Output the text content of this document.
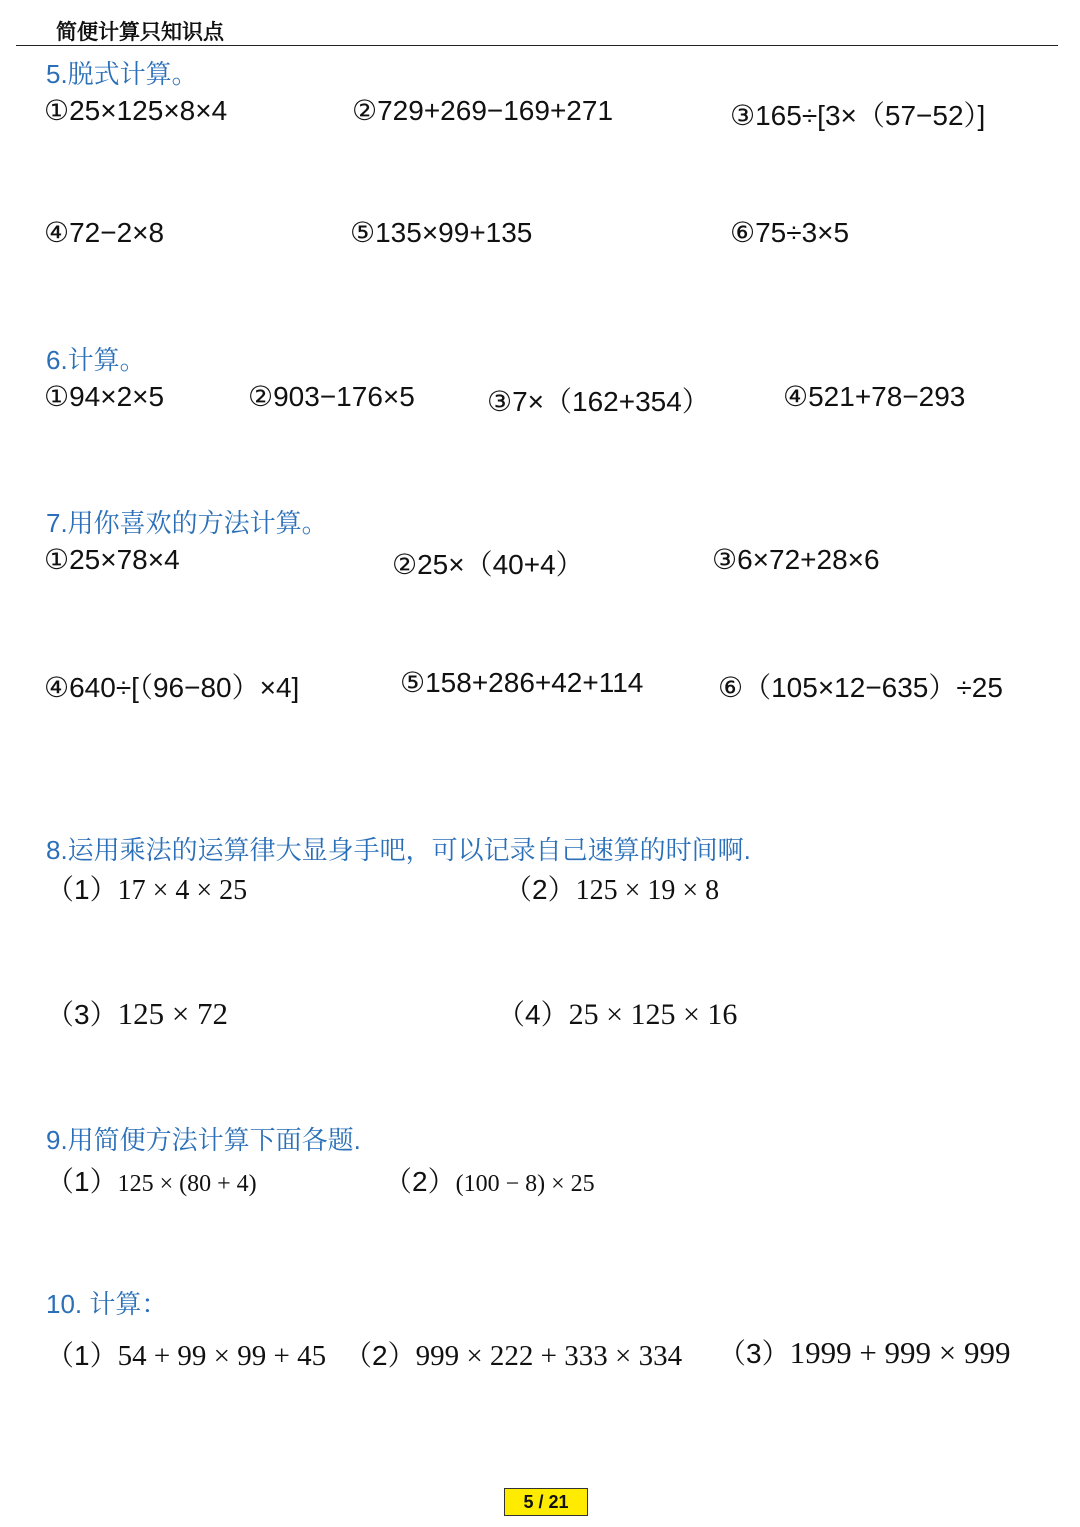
简便计算只知识点
5.脱式计算。
①25×125×8×4	②729+269−169+271	③165÷[3×（57−52）]
④72−2×8	⑤135×99+135	⑥75÷3×5
6.计算。
①94×2×5	②903−176×5	③7×（162+354）	④521+78−293
7.用你喜欢的方法计算。
①25×78×4	②25×（40+4）	③6×72+28×6
④640÷[（96−80）×4]	⑤158+286+42+114	⑥（105×12−635）÷25
8.运用乘法的运算律大显身手吧，可以记录自己速算的时间啊.
（1）17 × 4 × 25	（2）125 × 19 × 8
（3）125 × 72	（4）25 × 125 × 16
9.用简便方法计算下面各题.
（1）125 × (80 + 4)	（2）(100 − 8) × 25
10. 计算：
（1）54 + 99 × 99 + 45 （2）999 × 222 + 333 × 334 （3）1999 + 999 × 999
5 / 21
